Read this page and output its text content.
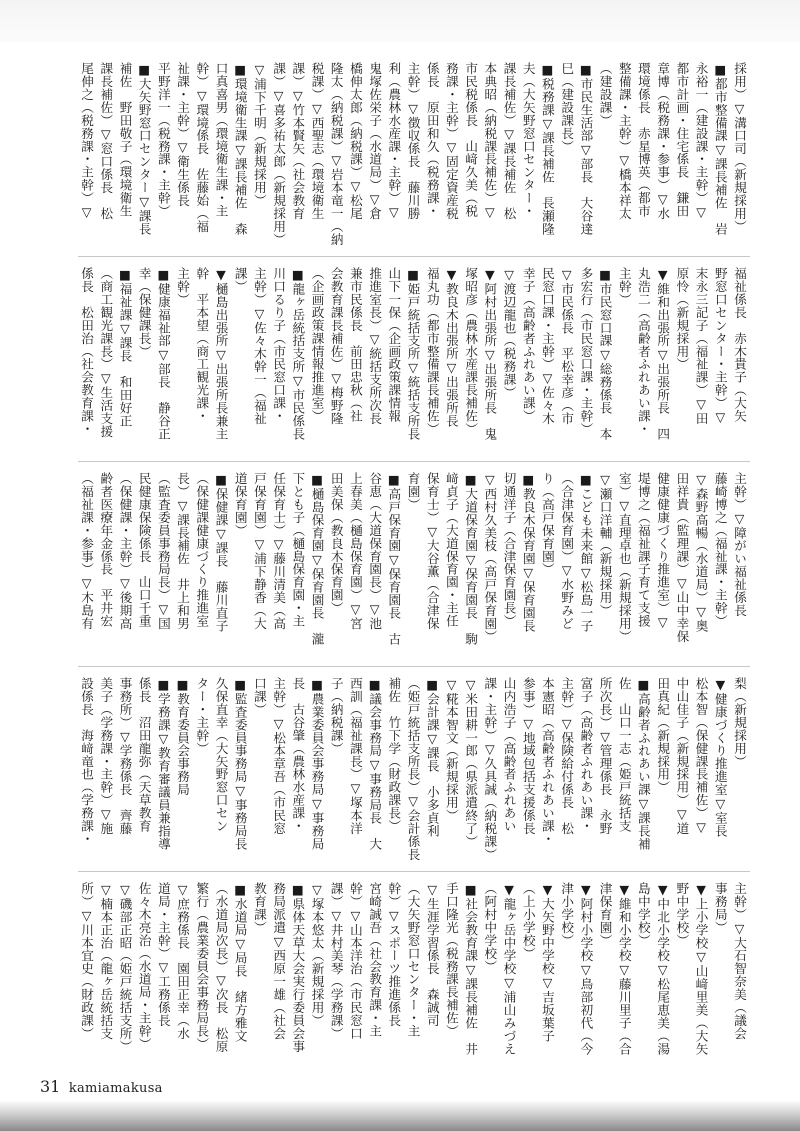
採用）▽溝口司（新規採用）
■都市整備課▽課長補佐　岩
永裕一（建設課・主幹）▽
都市計画・住宅係長　鎌田
章博（税務課・参事）▽水
環境係長　赤星博英（都市
整備課・主幹）▽橋本祥太
（建設課）
■市民生活部▽部長　大谷達
巳（建設課長）
■税務課▽課長補佐　長瀬隆
夫（大矢野窓口センター・
課長補佐）▽課長補佐　松
本典昭（納税課長補佐）▽
市民税係長　山﨑久美（税
務課・主幹）▽固定資産税
係長　原田和久（税務課・
主幹）▽徴収係長　藤川勝
利（農林水産課・主幹）▽
鬼塚佐栄子（水道局）▽倉
橋伸太郎（納税課）▽松尾
隆太（納税課）▽岩本竜一（納
税課）▽西聖志（環境衛生
課）▽竹本賢矢（社会教育
課）▽喜多祐太郎（新規採用）
▽浦下千明（新規採用）
■環境衛生課▽課長補佐　森
口真喜男（環境衛生課・主
幹）▽環境係長　佐藤始（福
祉課・主幹）▽衛生係長
平野洋一（税務課・主幹）
■大矢野窓口センター▽課長
補佐　野田敬子（環境衛生
課長補佐）▽窓口係長　松
尾伸之（税務課・主幹）▽
福祉係長　赤木貴子（大矢
野窓口センター・主幹）▽
末永三記子（福祉課）▽田
原怜（新規採用）
▼維和出張所▽出張所長　四
丸浩二（高齢者ふれあい課・
主幹）
■市民窓口課▽総務係長　本
多宏行（市民窓口課・主幹）
▽市民係長　平松幸彦（市
民窓口課・主幹）▽佐々木
幸子（高齢者ふれあい課）
▽渡辺龍也（税務課）
▼阿村出張所▽出張所長　鬼
塚昭彦（農林水産課長補佐）
▼教良木出張所▽出張所長
福丸功（都市整備課長補佐）
■姫戸統括支所▽統括支所長
山下一保（企画政策課情報
推進室長）▽統括支所次長
兼市民係長　前田忠秋（社
会教育課長補佐）▽梅野隆
（企画政策課情報推進室）
■龍ヶ岳統括支所▽市民係長
川口るり子（市民窓口課・
主幹）▽佐々木幹一（福祉
課）
▼樋島出張所▽出張所長兼主
幹　平本望（商工観光課・
主幹）
■健康福祉部▽部長　静谷正
幸（保健課長）
■福祉課▽課長　和田好正
（商工観光課長）▽生活支援
係長　松田治（社会教育課・
主幹）▽障がい福祉係長
藤崎博之（福祉課・主幹）
▽森野高暢（水道局）▽奥
田祥貴（監理課）▽山中幸保
健康健康づくり推進室）▽
堤博之（福祉課子育て支援
室）▽直理卓也（新規採用）
▽瀬口洋輔（新規採用）
■こども未来館▽松島一子
（合津保育園）▽水野みど
り（高戸保育園）
■教良木保育園▽保育園長
切通洋子（合津保育園長）
▽西村久美枝（高戸保育園）
■大道保育園▽保育園長　駒
﨑貞子（大道保育園・主任
保育士）▽大谷薫（合津保
育園）
■高戸保育園▽保育園長　古
谷恵（大道保育園長）▽池
上春美（樋島保育園）▽宮
田美保（教良木保育園）
■樋島保育園▽保育園長　瀧
下とも子（樋島保育園・主
任保育士）▽藤川清美（高
戸保育園）▽浦下静香（大
道保育園）
■保健課▽課長　藤川直子
（保健課健康づくり推進室
長）▽課長補佐　井上和男
（監査委員事務局長）▽国
民健康保険係長　山口千重
（保健課・主幹）▽後期高
齢者医療年金係長　平井宏
（福祉課・参事）▽木島有
梨（新規採用）
▼健康づくり推進室▽室長
松本智（保健課長補佐）▽
中山佳子（新規採用）▽道
田真紀（新規採用）
■高齢者ふれあい課▽課長補
佐　山口一志（姫戸統括支
所次長）▽管理係長　永野
富子（高齢者ふれあい課・
主幹）▽保険給付係長　松
本憲昭（高齢者ふれあい課・
参事）▽地域包括支援係長
山内浩子（高齢者ふれあい
課・主幹）▽久具誠（納税課）
▽米田耕一郎（県派遣終了）
▽糀本智文（新規採用）
■会計課▽課長　小多貞利
（姫戸統括支所長）▽会計係長
補佐　竹下学（財政課長）
■議会事務局▽事務局長　大
西訓（福祉課長）▽塚本洋
子（納税課）
■農業委員会事務局▽事務局
長　古谷肇（農林水産課・
主幹）▽松本章吾（市民窓
口課）
■監査委員事務局▽事務局長
久保直幸（大矢野窓口セン
ター・主幹）
■教育委員会事務局
■学務課▽教育審議員兼指導
係長　沼田龍弥（天草教育
事務所）▽学務係長　齊藤
美子（学務課・主幹）▽施
設係長　海﨑竜也（学務課・
主幹）▽大石智奈美（議会
事務局）
▼上小学校▽山﨑里美（大矢
野中学校）
▼中北小学校▽松尾恵美（湯
島中学校）
▼維和小学校▽藤川里子（合
津保育園）
▼阿村小学校▽鳥部初代（今
津小学校）
▼大矢野中学校▽吉坂葉子
（上小学校）
▼龍ヶ岳中学校▽浦山みづえ
（阿村中学校）
■社会教育課▽課長補佐　井
手口隆光（税務課長補佐）
▽生涯学習係長　森誠司
（大矢野窓口センター・主
幹）▽スポーツ推進係長
宮崎誠吾（社会教育課・主
幹）▽山本洋治（市民窓口
課）▽井村美琴（学務課）
▽塚本悠太（新規採用）
■県体天草大会実行委員会事
務局派遣▽西原一雄（社会
教育課）
■水道局▽局長　緒方雅文
（水道局次長）▽次長　松原
繁行（農業委員会事務局長）
▽庶務係長　園田正幸（水
道局・主幹）▽工務係長
佐々木亮治（水道局・主幹）
▽磯部正昭（姫戸統括支所）
▽楠本正治（龍ヶ岳統括支
所）▽川本宜史（財政課）
31 kamiamakusa
